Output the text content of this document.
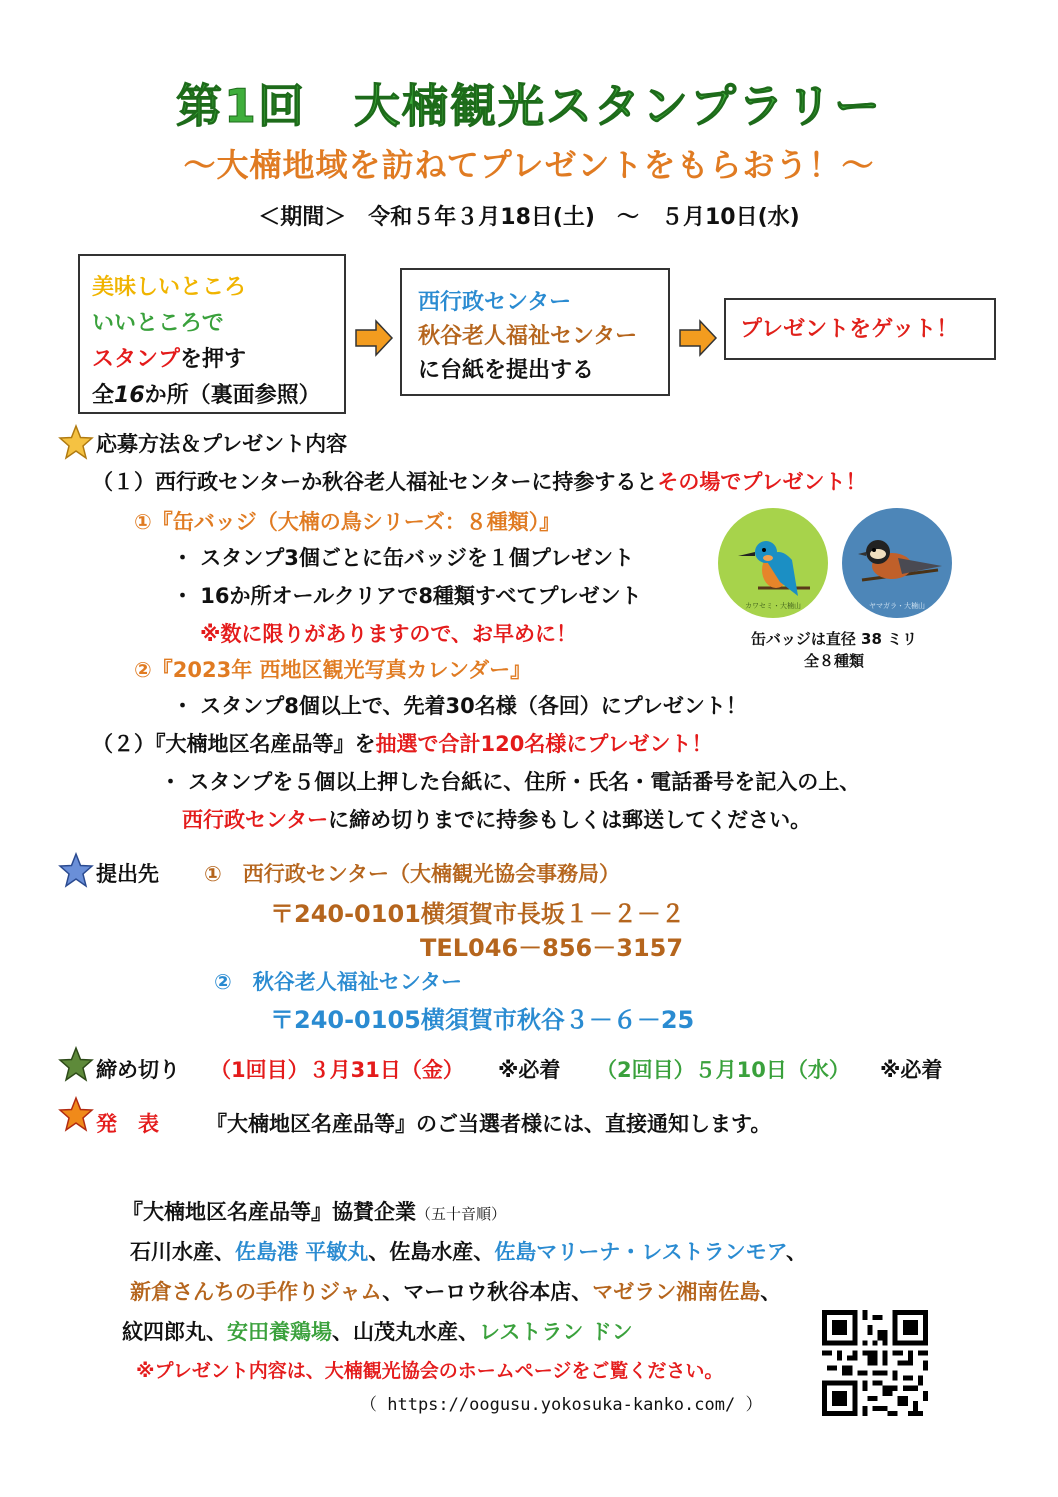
第1回　大楠観光スタンプラリー
～大楠地域を訪ねてプレゼントをもらおう！～
＜期間＞　令和５年３月18日(土)　～　５月10日(水)
美味しいところ
いいところで
スタンプを押す
全16か所（裏面参照）
西行政センター
秋谷老人福祉センター
に台紙を提出する
プレゼントをゲット！
応募方法＆プレゼント内容
（１）西行政センターか秋谷老人福祉センターに持参するとその場でプレゼント！
①『缶バッジ（大楠の鳥シリーズ：８種類）』
・ スタンプ3個ごとに缶バッジを１個プレゼント
・ 16か所オールクリアで8種類すべてプレゼント
※数に限りがありますので、お早めに！
②『2023年 西地区観光写真カレンダー』
・ スタンプ8個以上で、先着30名様（各回）にプレゼント！
（２）『大楠地区名産品等』を抽選で合計120名様にプレゼント！
・ スタンプを５個以上押した台紙に、住所・氏名・電話番号を記入の上、
西行政センターに締め切りまでに持参もしくは郵送してください。
カワセミ・大楠山	ヤマガラ・大楠山
缶バッジは直径 38 ミリ
全８種類
提出先 ①　西行政センター（大楠観光協会事務局）
〒240-0101横須賀市長坂１－２－２
TEL046－856－3157
②　秋谷老人福祉センター
〒240-0105横須賀市秋谷３－６－25
締め切り （1回目）３月31日（金） ※必着 （2回目）５月10日（水） ※必着
発　表 『大楠地区名産品等』のご当選者様には、直接通知します。
『大楠地区名産品等』協賛企業（五十音順）
石川水産、佐島港 平敏丸、佐島水産、佐島マリーナ・レストランモア、
新倉さんちの手作りジャム、マーロウ秋谷本店、マゼラン湘南佐島、
紋四郎丸、安田養鶏場、山茂丸水産、レストラン ドン
※プレゼント内容は、大楠観光協会のホームページをご覧ください。
（ https://oogusu.yokosuka-kanko.com/ ）
